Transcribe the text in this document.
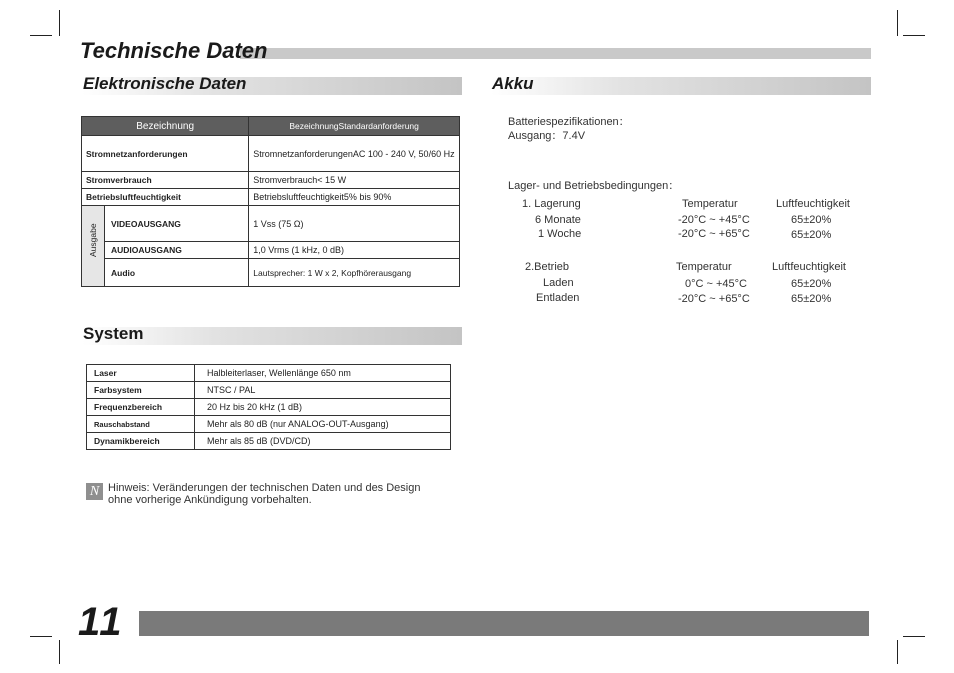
Technische Daten
Elektronische Daten	Akku
Bezeichnung		BezeichnungStandardanforderung
Stromnetzanforderungen		StromnetzanforderungenAC 100 - 240 V, 50/60 Hz
Stromverbrauch		Stromverbrauch< 15 W
Betriebsluftfeuchtigkeit		Betriebsluftfeuchtigkeit5% bis 90%

Ausgabe	VIDEOAUSGANG	1 Vss (75 Ω)
	AUDIOAUSGANG	1,0 Vrms (1 kHz, 0 dB)
	Audio	Lautsprecher: 1 W x 2, Kopfhörerausgang
System
Laser	Halbleiterlaser, Wellenlänge 650 nm
Farbsystem	NTSC / PAL
Frequenzbereich	20 Hz bis 20 kHz (1 dB)
Rauschabstand	Mehr als 80 dB (nur ANALOG-OUT-Ausgang)
Dynamikbereich	Mehr als 85 dB (DVD/CD)
N Hinweis: Veränderungen der technischen Daten und des Design
ohne vorherige Ankündigung vorbehalten.
Batteriespezifikationen：
Ausgang：7.4V
Lager- und Betriebsbedingungen：
1. Lagerung	Temperatur	Luftfeuchtigkeit
6 Monate	-20°C ~ +45°C	65±20%
1 Woche	-20°C ~ +65°C	65±20%
2.Betrieb	Temperatur	Luftfeuchtigkeit
Laden	0°C ~ +45°C	65±20%
Entladen	-20°C ~ +65°C	65±20%
11
